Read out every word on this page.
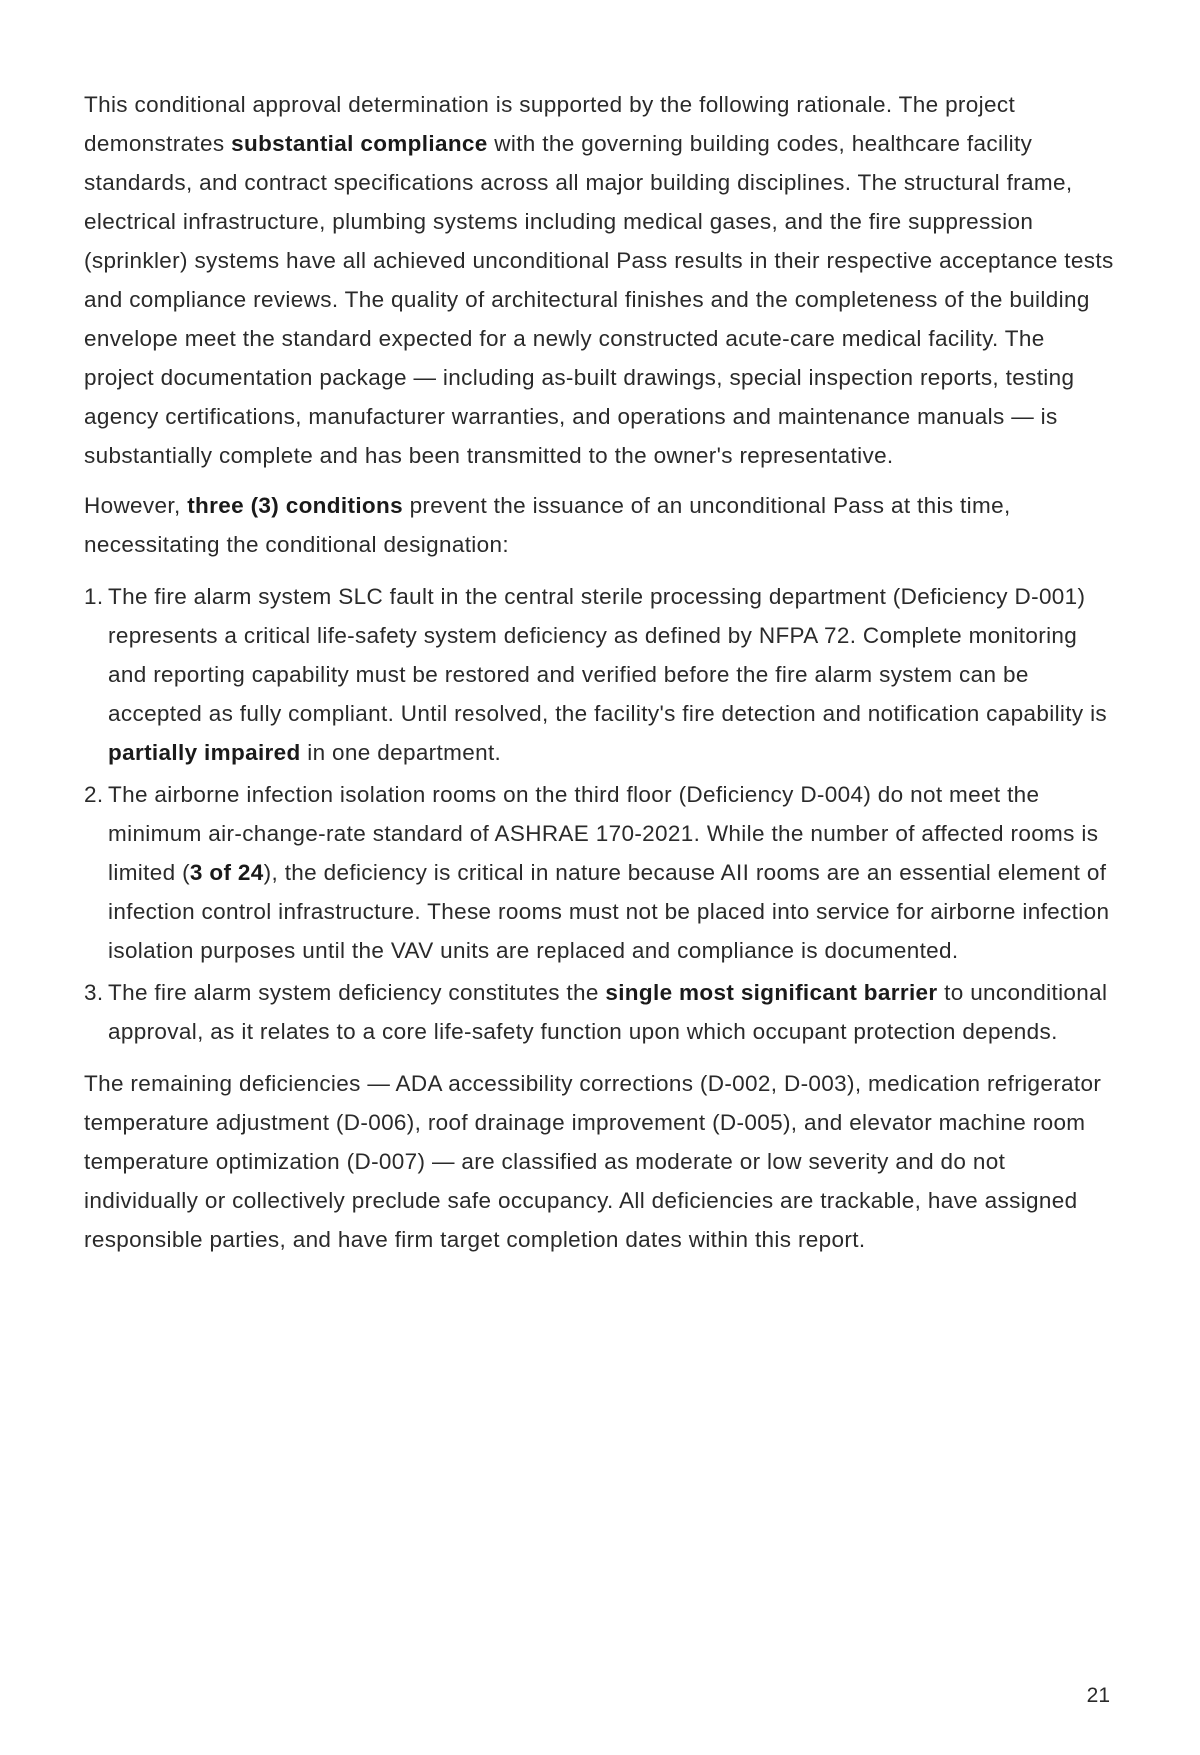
This conditional approval determination is supported by the following rationale. The project demonstrates substantial compliance with the governing building codes, healthcare facility standards, and contract specifications across all major building disciplines. The structural frame, electrical infrastructure, plumbing systems including medical gases, and the fire suppression (sprinkler) systems have all achieved unconditional Pass results in their respective acceptance tests and compliance reviews. The quality of architectural finishes and the completeness of the building envelope meet the standard expected for a newly constructed acute-care medical facility. The project documentation package — including as-built drawings, special inspection reports, testing agency certifications, manufacturer warranties, and operations and maintenance manuals — is substantially complete and has been transmitted to the owner's representative.

However, three (3) conditions prevent the issuance of an unconditional Pass at this time, necessitating the conditional designation:

The fire alarm system SLC fault in the central sterile processing department (Deficiency D-001) represents a critical life-safety system deficiency as defined by NFPA 72. Complete monitoring and reporting capability must be restored and verified before the fire alarm system can be accepted as fully compliant. Until resolved, the facility's fire detection and notification capability is partially impaired in one department.
The airborne infection isolation rooms on the third floor (Deficiency D-004) do not meet the minimum air-change-rate standard of ASHRAE 170-2021. While the number of affected rooms is limited (3 of 24), the deficiency is critical in nature because AII rooms are an essential element of infection control infrastructure. These rooms must not be placed into service for airborne infection isolation purposes until the VAV units are replaced and compliance is documented.
The fire alarm system deficiency constitutes the single most significant barrier to unconditional approval, as it relates to a core life-safety function upon which occupant protection depends.

The remaining deficiencies — ADA accessibility corrections (D-002, D-003), medication refrigerator temperature adjustment (D-006), roof drainage improvement (D-005), and elevator machine room temperature optimization (D-007) — are classified as moderate or low severity and do not individually or collectively preclude safe occupancy. All deficiencies are trackable, have assigned responsible parties, and have firm target completion dates within this report.

21
